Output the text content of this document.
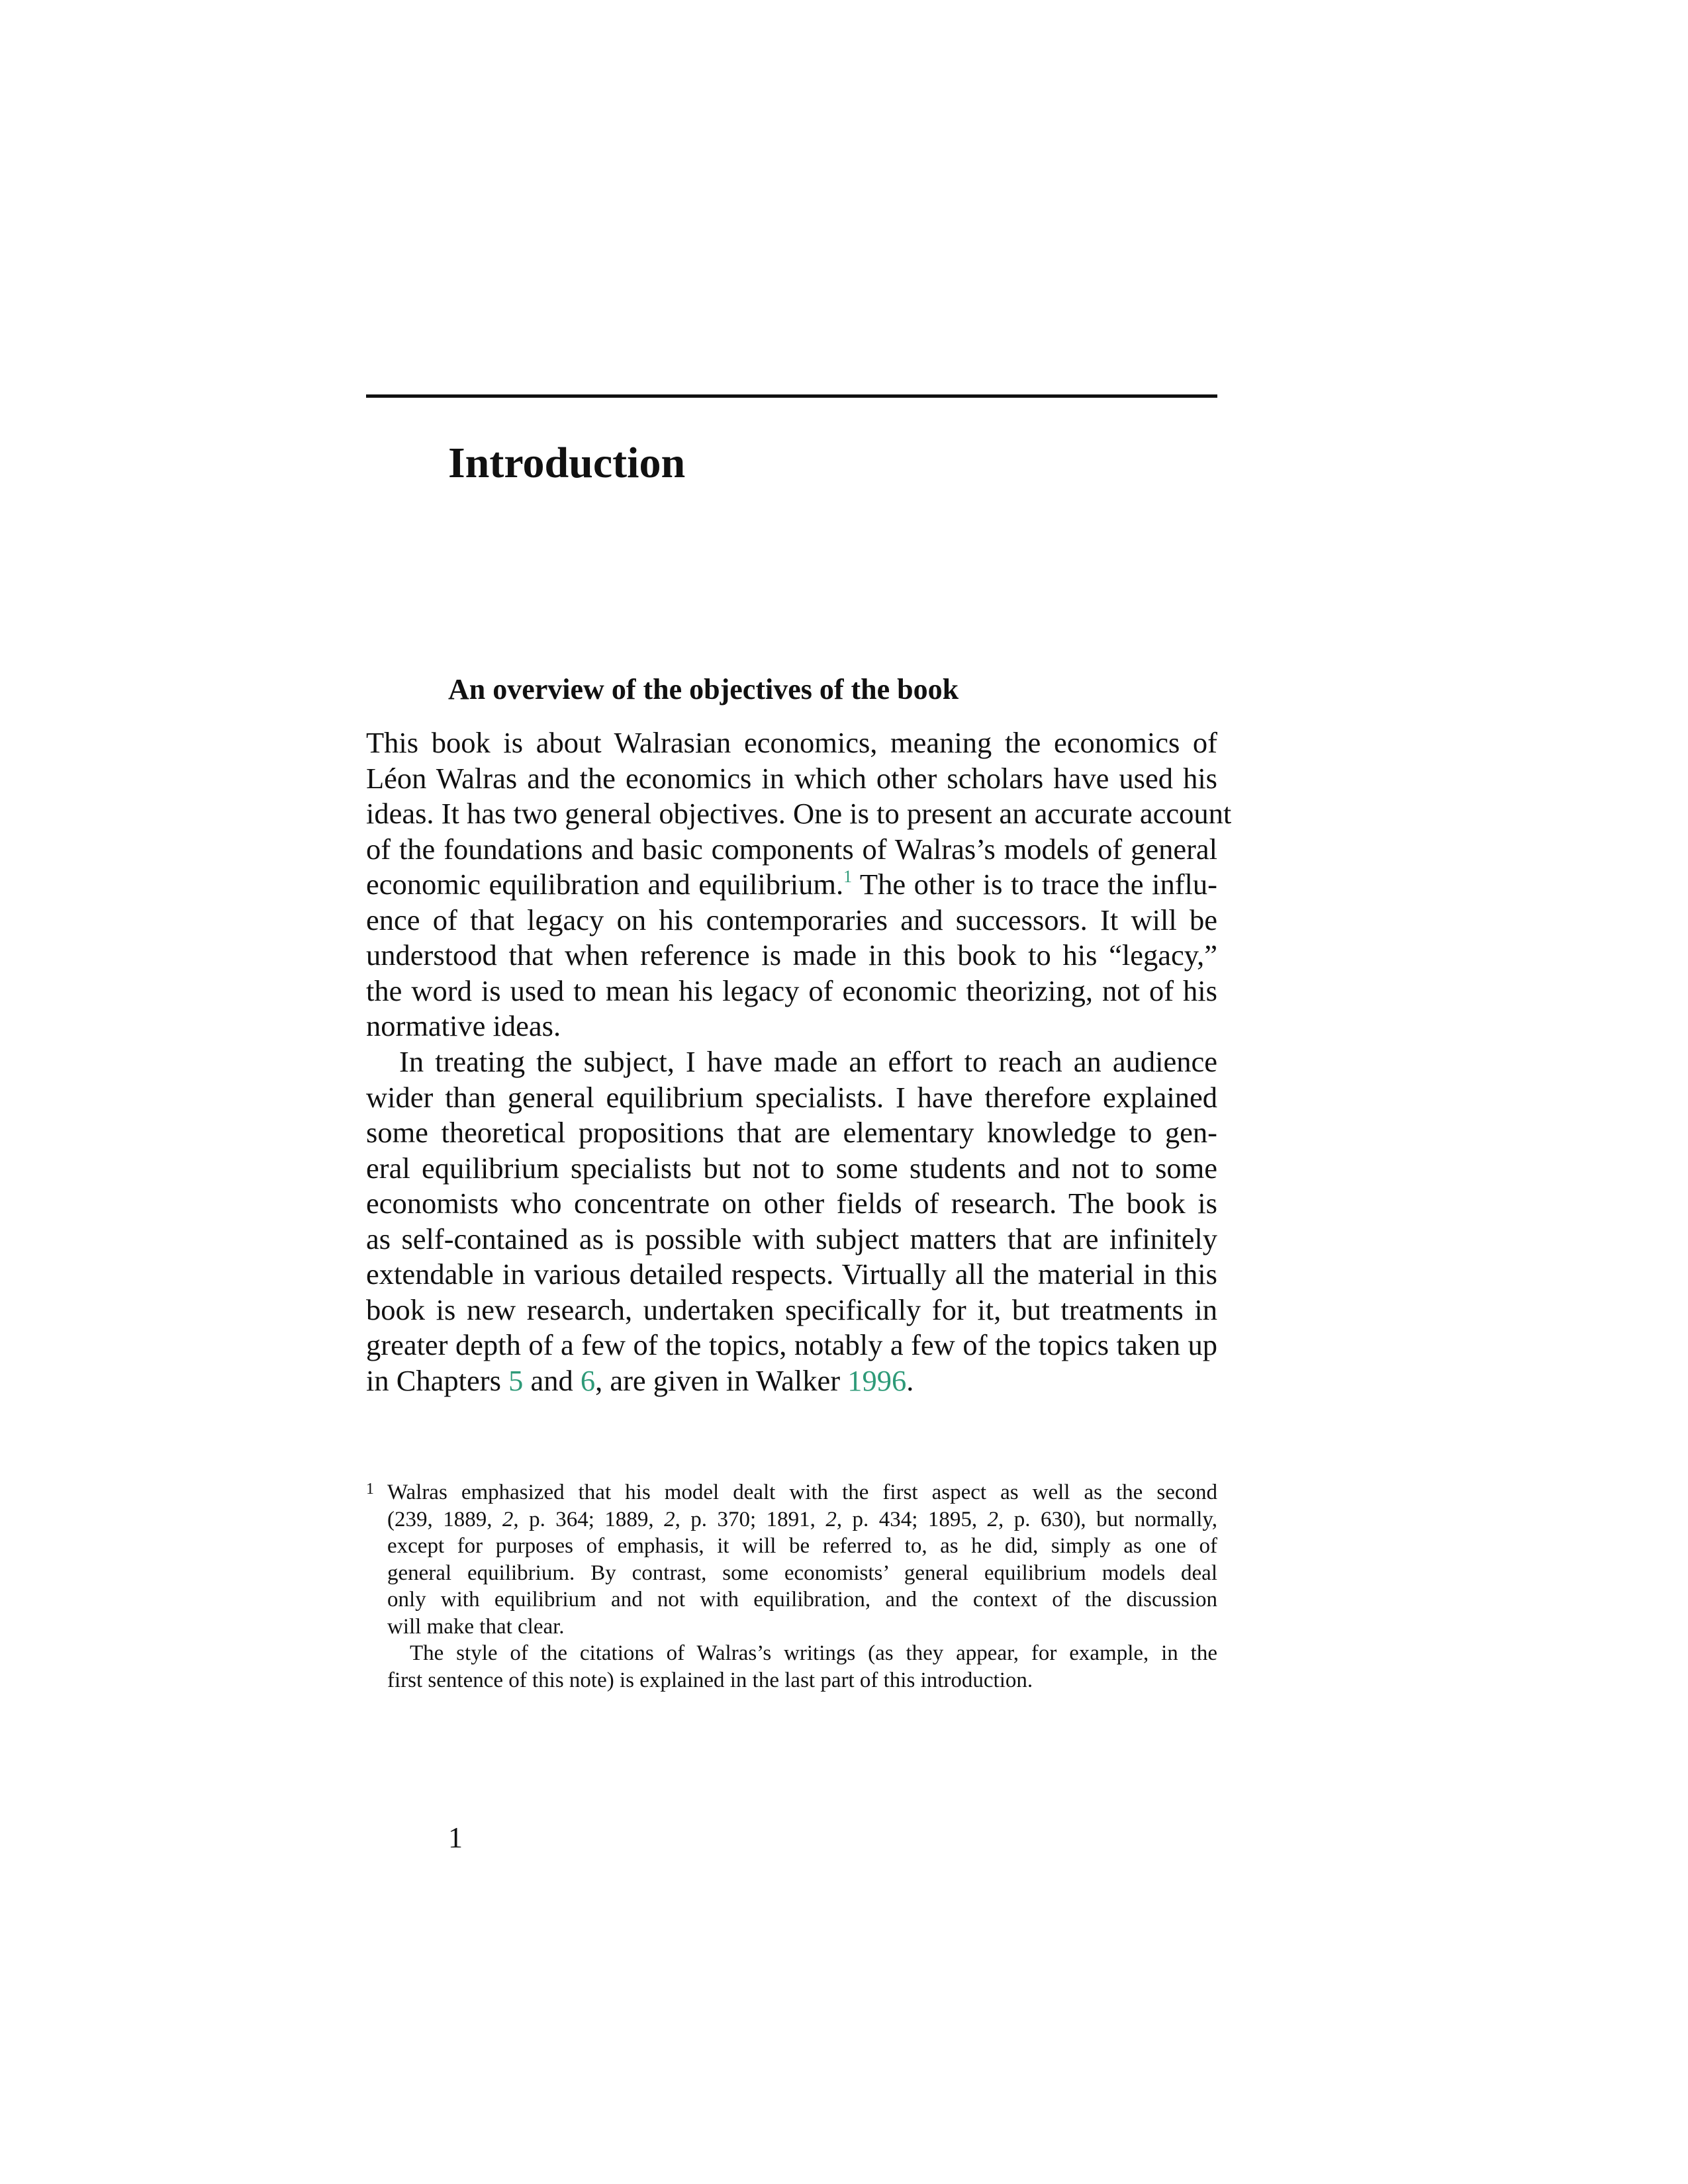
Introduction
An overview of the objectives of the book
This book is about Walrasian economics, meaning the economics of
Léon Walras and the economics in which other scholars have used his
ideas. It has two general objectives. One is to present an accurate account
of the foundations and basic components of Walras’s models of general
economic equilibration and equilibrium.$^1$ The other is to trace the influ-
ence of that legacy on his contemporaries and successors. It will be
understood that when reference is made in this book to his “legacy,”
the word is used to mean his legacy of economic theorizing, not of his
normative ideas.
In treating the subject, I have made an effort to reach an audience
wider than general equilibrium specialists. I have therefore explained
some theoretical propositions that are elementary knowledge to gen-
eral equilibrium specialists but not to some students and not to some
economists who concentrate on other fields of research. The book is
as self-contained as is possible with subject matters that are infinitely
extendable in various detailed respects. Virtually all the material in this
book is new research, undertaken specifically for it, but treatments in
greater depth of a few of the topics, notably a few of the topics taken up
in Chapters 5 and 6, are given in Walker 1996.
1 Walras emphasized that his model dealt with the first aspect as well as the second
(239, 1889, 2, p. 364; 1889, 2, p. 370; 1891, 2, p. 434; 1895, 2, p. 630), but normally,
except for purposes of emphasis, it will be referred to, as he did, simply as one of
general equilibrium. By contrast, some economists’ general equilibrium models deal
only with equilibrium and not with equilibration, and the context of the discussion
will make that clear.
The style of the citations of Walras’s writings (as they appear, for example, in the
first sentence of this note) is explained in the last part of this introduction.
1
